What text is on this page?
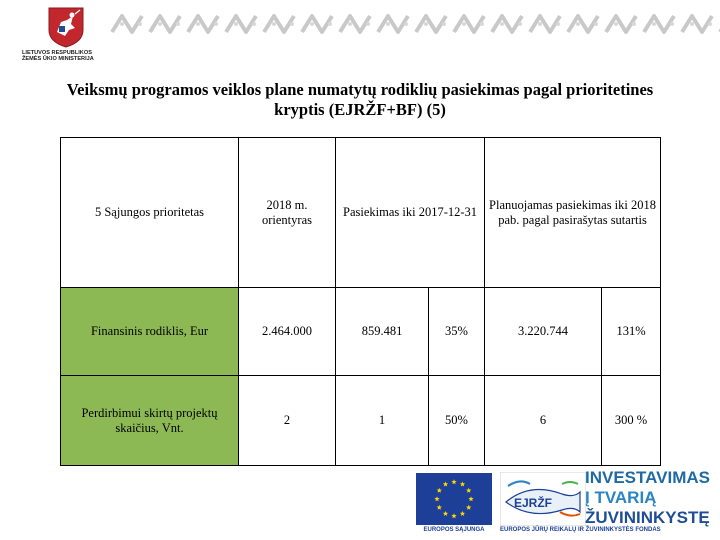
LIETUVOS RESPUBLIKOS
ŽEMĖS ŪKIO MINISTERIJA
Veiksmų programos veiklos plane numatytų rodiklių pasiekimas pagal prioritetines kryptis (EJRŽF+BF) (5)
5 Sąjungos prioritetas	2018 m. orientyras	Pasiekimas iki 2017-12-31		Planuojamas pasiekimas iki 2018 pab. pagal pasirašytas sutartis	
Finansinis rodiklis, Eur	2.464.000	859.481	35%	3.220.744	131%
Perdirbimui skirtų projektų skaičius, Vnt.	2	1	50%	6	300 %
EUROPOS SĄJUNGA
EJRŽF
EUROPOS JŪRŲ REIKALŲ IR ŽUVININKYSTĖS FONDAS
INVESTAVIMAS
Į TVARIĄ
ŽUVININKYSTĘ
